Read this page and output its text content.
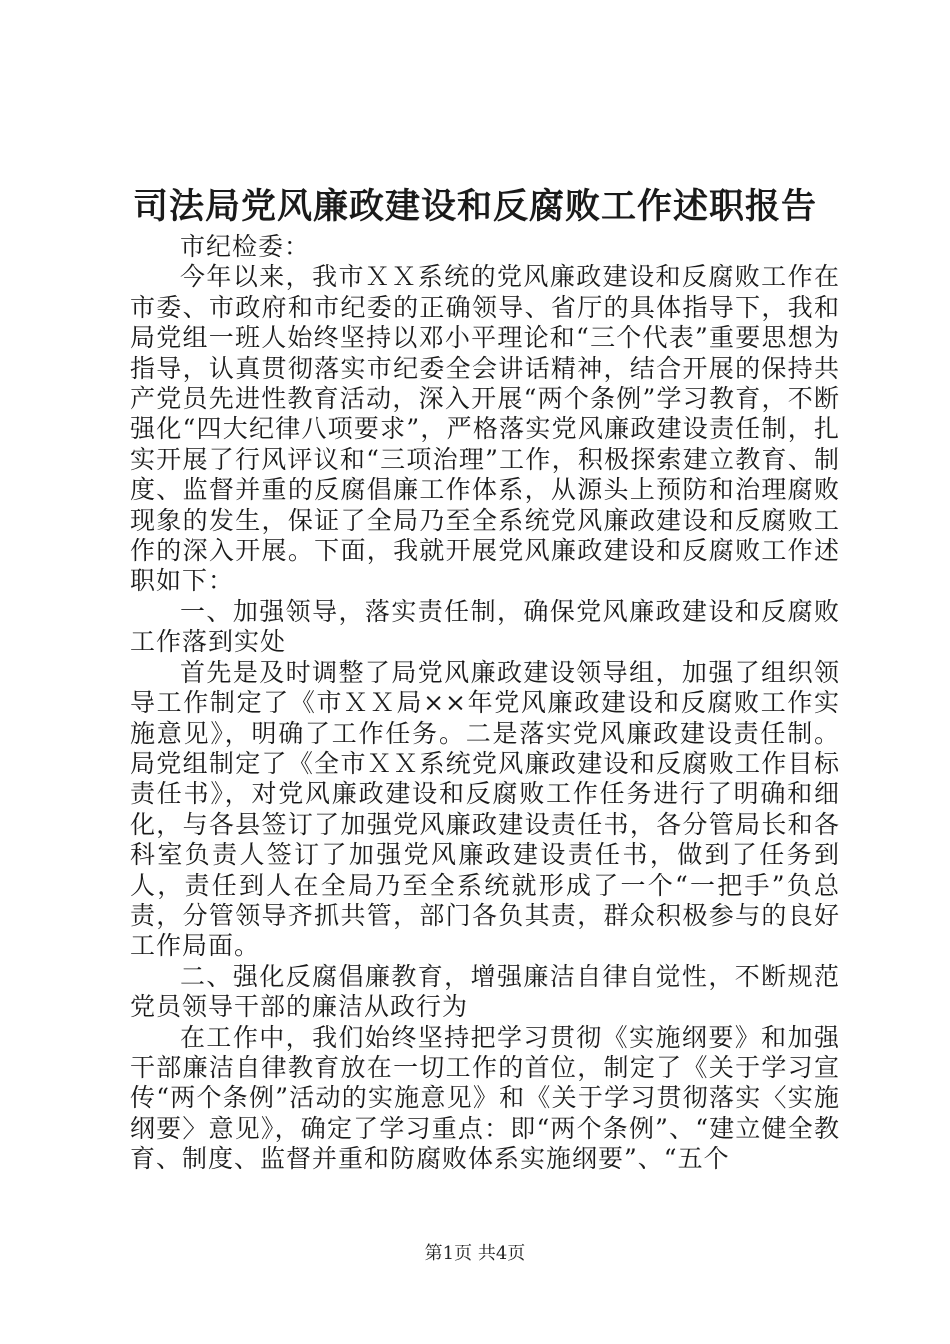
司法局党风廉政建设和反腐败工作述职报告

市纪检委：

今年以来，我市ＸＸ系统的党风廉政建设和反腐败工作在市委、市政府和市纪委的正确领导、省厅的具体指导下，我和局党组一班人始终坚持以邓小平理论和“三个代表”重要思想为指导，认真贯彻落实市纪委全会讲话精神，结合开展的保持共产党员先进性教育活动，深入开展“两个条例”学习教育，不断强化“四大纪律八项要求”，严格落实党风廉政建设责任制，扎实开展了行风评议和“三项治理”工作，积极探索建立教育、制度、监督并重的反腐倡廉工作体系，从源头上预防和治理腐败现象的发生，保证了全局乃至全系统党风廉政建设和反腐败工作的深入开展。下面，我就开展党风廉政建设和反腐败工作述职如下：

一、加强领导，落实责任制，确保党风廉政建设和反腐败工作落到实处

首先是及时调整了局党风廉政建设领导组，加强了组织领导工作制定了《市ＸＸ局××年党风廉政建设和反腐败工作实施意见》，明确了工作任务。二是落实党风廉政建设责任制。局党组制定了《全市ＸＸ系统党风廉政建设和反腐败工作目标责任书》，对党风廉政建设和反腐败工作任务进行了明确和细化，与各县签订了加强党风廉政建设责任书，各分管局长和各科室负责人签订了加强党风廉政建设责任书，做到了任务到人，责任到人在全局乃至全系统就形成了一个“一把手”负总责，分管领导齐抓共管，部门各负其责，群众积极参与的良好工作局面。

二、强化反腐倡廉教育，增强廉洁自律自觉性，不断规范党员领导干部的廉洁从政行为

在工作中，我们始终坚持把学习贯彻《实施纲要》和加强干部廉洁自律教育放在一切工作的首位，制定了《关于学习宣传“两个条例”活动的实施意见》和《关于学习贯彻落实〈实施纲要〉意见》，确定了学习重点：即“两个条例”、“建立健全教育、制度、监督并重和防腐败体系实施纲要”、“五个

第1页 共4页
